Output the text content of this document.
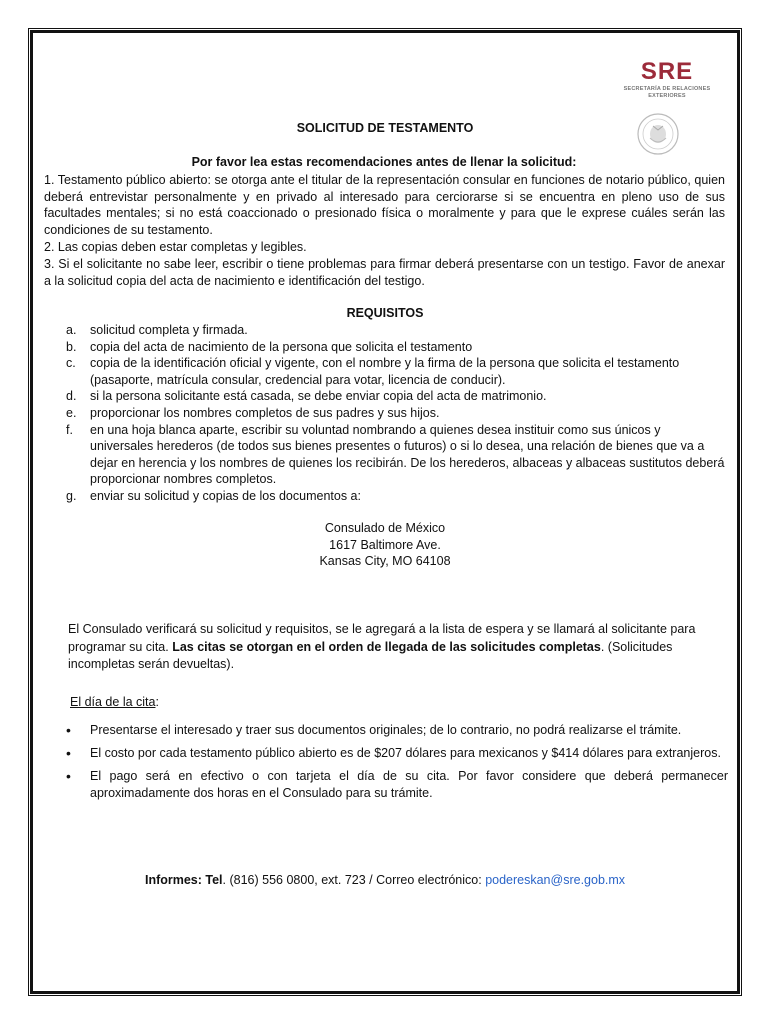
SRE
SECRETARÍA DE RELACIONES
EXTERIORES
SOLICITUD DE TESTAMENTO
Por favor lea estas recomendaciones antes de llenar la solicitud:
1. Testamento público abierto: se otorga ante el titular de la representación consular en funciones de notario público, quien deberá entrevistar personalmente y en privado al interesado para cerciorarse si se encuentra en pleno uso de sus facultades mentales; si no está coaccionado o presionado física o moralmente y para que le exprese cuáles serán las condiciones de su testamento.
2. Las copias deben estar completas y legibles.
3. Si el solicitante no sabe leer, escribir o tiene problemas para firmar deberá presentarse con un testigo. Favor de anexar a la solicitud copia del acta de nacimiento e identificación del testigo.
REQUISITOS
a.	solicitud completa y firmada.
b.	copia del acta de nacimiento de la persona que solicita el testamento
c.	copia de la identificación oficial y vigente, con el nombre y la firma de la persona que solicita el testamento (pasaporte, matrícula consular, credencial para votar, licencia de conducir).
d.	si la persona solicitante está casada, se debe enviar copia del acta de matrimonio.
e.	proporcionar los nombres completos de sus padres y sus hijos.
f.	en una hoja blanca aparte, escribir su voluntad nombrando a quienes desea instituir como sus únicos y universales herederos (de todos sus bienes presentes o futuros) o si lo desea, una relación de bienes que va a dejar en herencia y los nombres de quienes los recibirán. De los herederos, albaceas y albaceas sustitutos deberá proporcionar nombres completos.
g.	enviar su solicitud y copias de los documentos a:
Consulado de México
1617 Baltimore Ave.
Kansas City, MO 64108
El Consulado verificará su solicitud y requisitos, se le agregará a la lista de espera y se llamará al solicitante para programar su cita. Las citas se otorgan en el orden de llegada de las solicitudes completas. (Solicitudes incompletas serán devueltas).
El día de la cita:
•	Presentarse el interesado y traer sus documentos originales; de lo contrario, no podrá realizarse el trámite.
•	El costo por cada testamento público abierto es de $207 dólares para mexicanos y $414 dólares para extranjeros.
•	El pago será en efectivo o con tarjeta el día de su cita. Por favor considere que deberá permanecer aproximadamente dos horas en el Consulado para su trámite.
Informes: Tel. (816) 556 0800, ext. 723 / Correo electrónico: podereskan@sre.gob.mx
